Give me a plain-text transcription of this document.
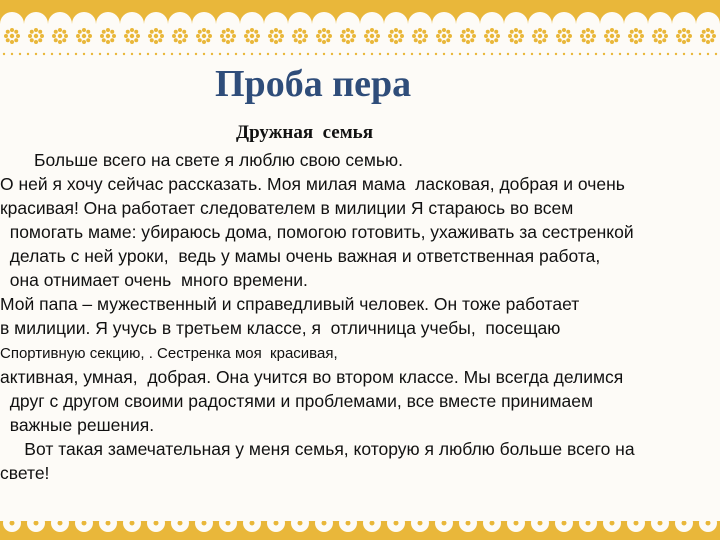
Проба пера
Дружная  семья
Больше всего на свете я люблю свою семью.
О ней я хочу сейчас рассказать. Моя милая мама  ласковая, добрая и очень
красивая! Она работает следователем в милиции Я стараюсь во всем
помогать маме: убираюсь дома, помогою готовить, ухаживать за сестренкой
делать с ней уроки,  ведь у мамы очень важная и ответственная работа,
она отнимает очень  много времени.
Мой папа – мужественный и справедливый человек. Он тоже работает
в милиции. Я учусь в третьем классе, я  отличница учебы,  посещаю
Спортивную секцию, . Сестренка моя  красивая,
активная, умная,  добрая. Она учится во втором классе. Мы всегда делимся
друг с другом своими радостями и проблемами, все вместе принимаем
важные решения.
Вот такая замечательная у меня семья, которую я люблю больше всего на
свете!
